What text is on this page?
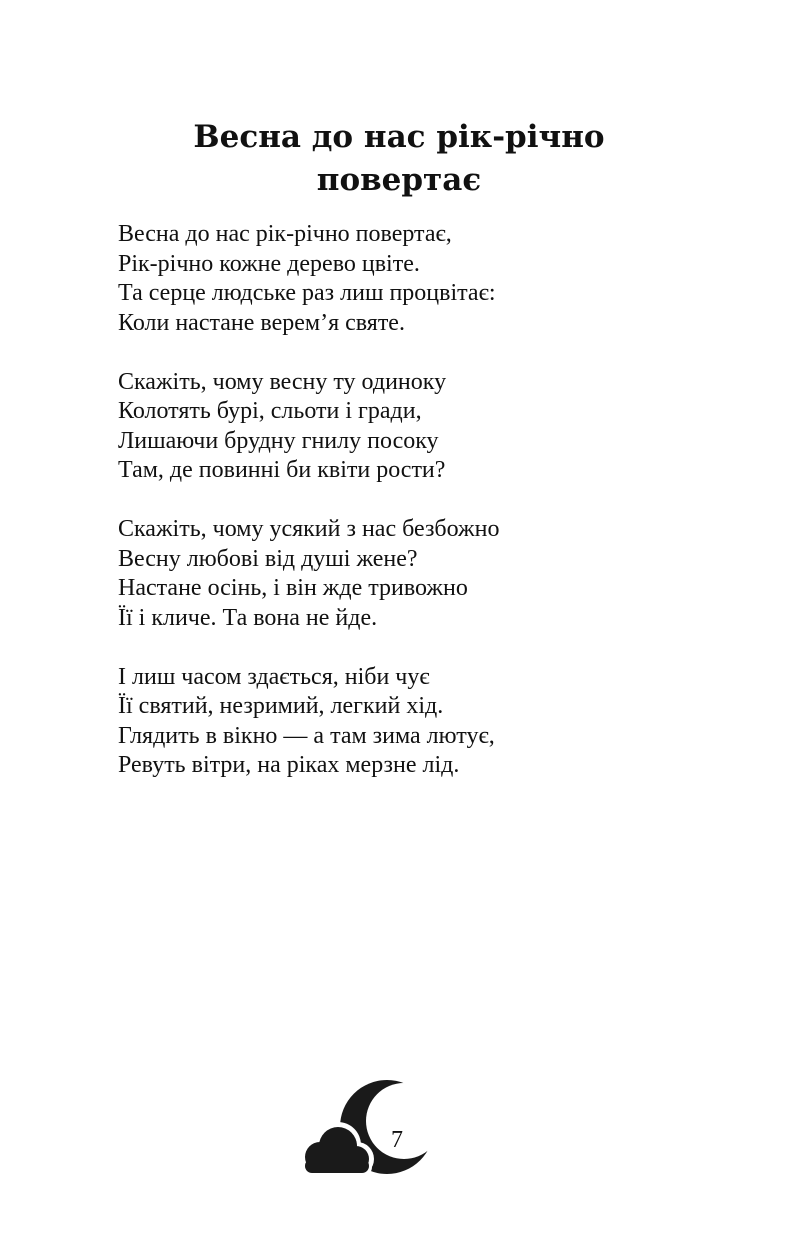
Весна до нас рік-річно
повертає
Весна до нас рік-річно повертає,
Рік-річно кожне дерево цвіте.
Та серце людське раз лиш процвітає:
Коли настане верем’я святе.
Скажіть, чому весну ту одиноку
Колотять бурі, сльоти і гради,
Лишаючи брудну гнилу посоку
Там, де повинні би квіти рости?
Скажіть, чому усякий з нас безбожно
Весну любові від душі жене?
Настане осінь, і він жде тривожно
Її і кличе. Та вона не йде.
І лиш часом здається, ніби чує
Її святий, незримий, легкий хід.
Глядить в вікно — а там зима лютує,
Ревуть вітри, на ріках мерзне лід.
7
